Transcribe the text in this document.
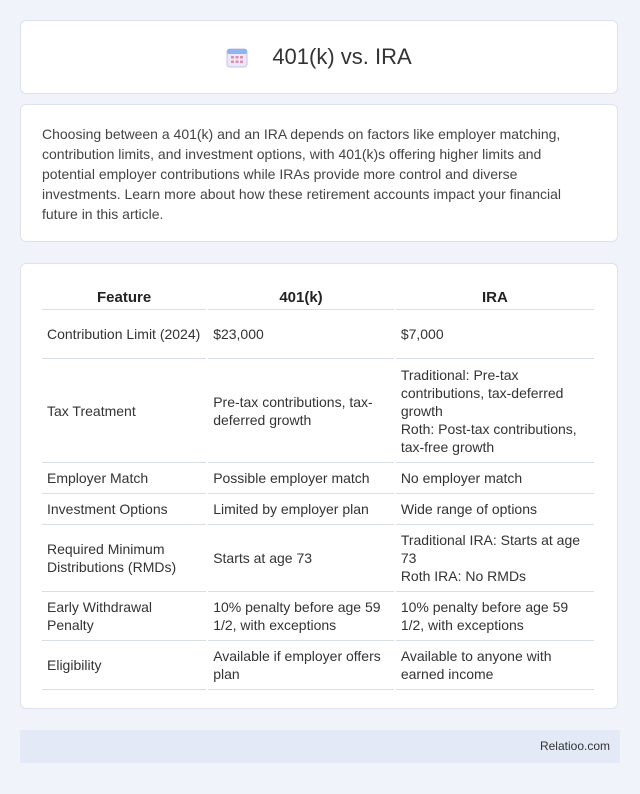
401(k) vs. IRA

Choosing between a 401(k) and an IRA depends on factors like employer matching, contribution limits, and investment options, with 401(k)s offering higher limits and potential employer contributions while IRAs provide more control and diverse investments. Learn more about how these retirement accounts impact your financial future in this article.

Feature	401(k)	IRA
Contribution Limit (2024)	$23,000	$7,000

Tax Treatment	Pre-tax contributions, tax-deferred growth	Traditional: Pre-tax contributions, tax-deferred growth
Roth: Post-tax contributions, tax-free growth

Employer Match	Possible employer match	No employer match

Investment Options	Limited by employer plan	Wide range of options

Required Minimum Distributions (RMDs)	Starts at age 73	Traditional IRA: Starts at age 73
Roth IRA: No RMDs

Early Withdrawal Penalty	10% penalty before age 59 1/2, with exceptions	10% penalty before age 59 1/2, with exceptions

Eligibility	Available if employer offers plan	Available to anyone with earned income
Relatioo.com
